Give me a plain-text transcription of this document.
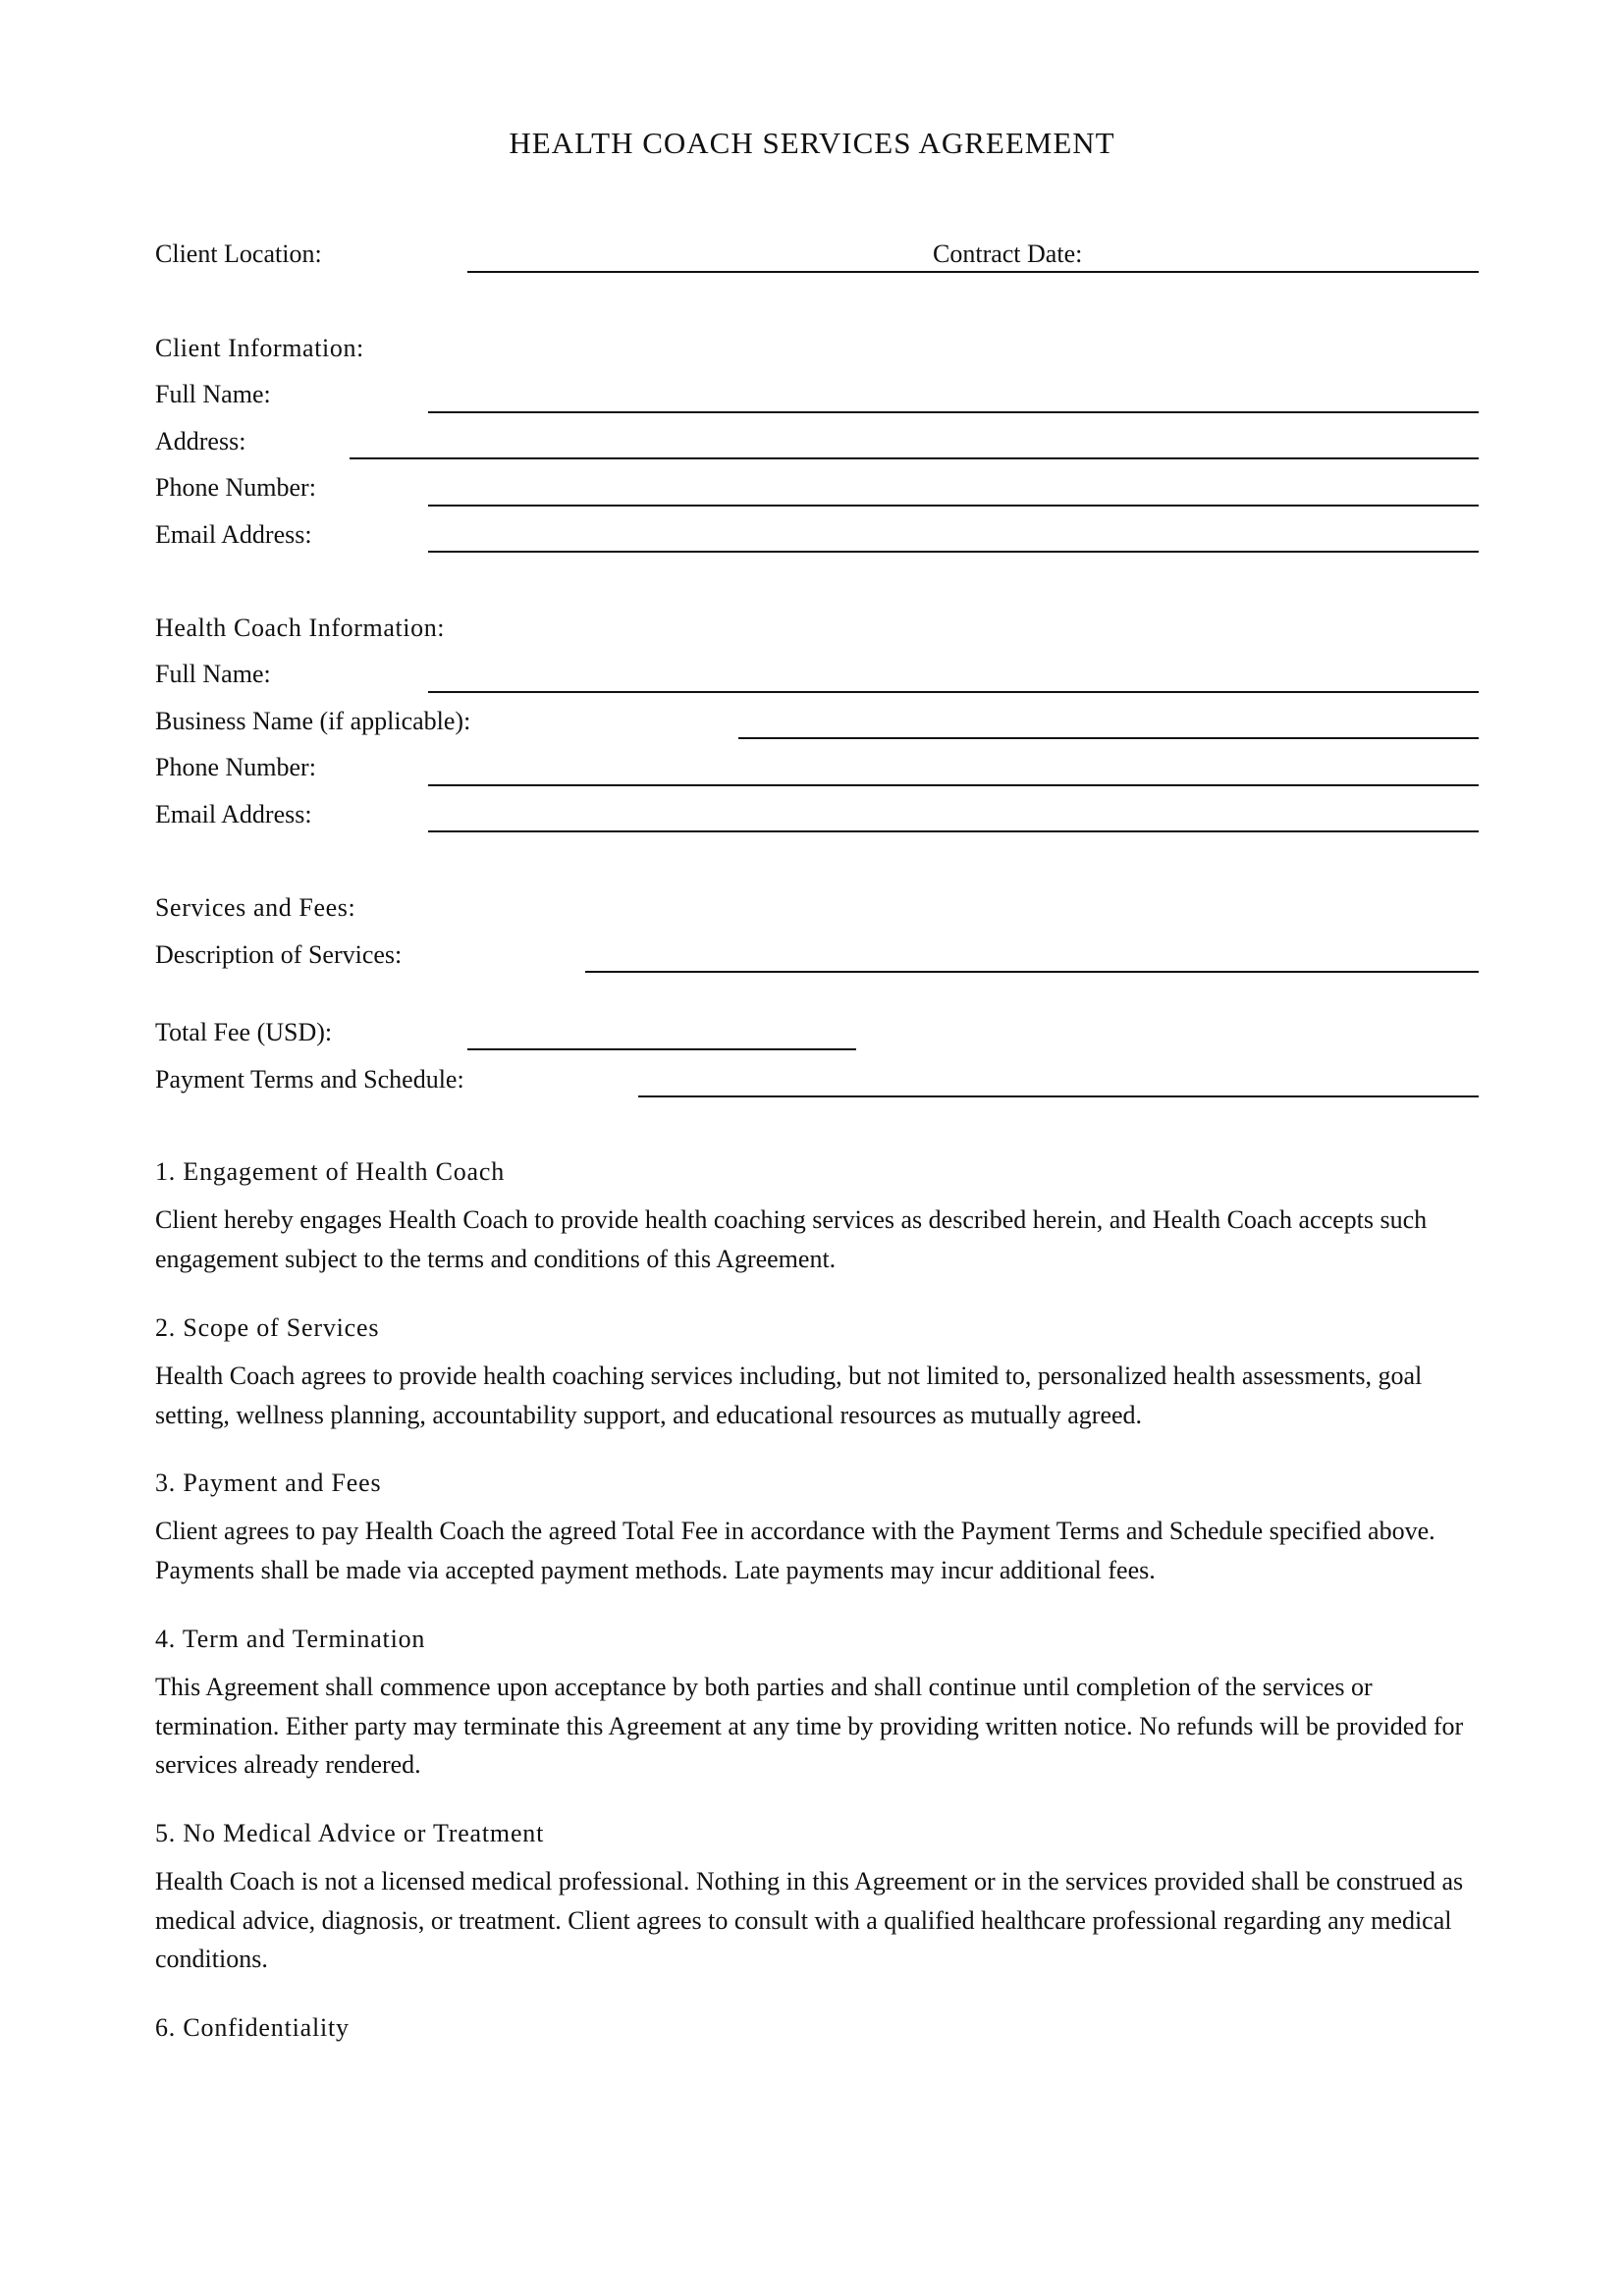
HEALTH COACH SERVICES AGREEMENT
Client Location:	Contract Date:
Client Information:
Full Name:
Address:
Phone Number:
Email Address:
Health Coach Information:
Full Name:
Business Name (if applicable):
Phone Number:
Email Address:
Services and Fees:
Description of Services:
Total Fee (USD):
Payment Terms and Schedule:
1. Engagement of Health Coach
Client hereby engages Health Coach to provide health coaching services as described herein, and Health Coach accepts such engagement subject to the terms and conditions of this Agreement.
2. Scope of Services
Health Coach agrees to provide health coaching services including, but not limited to, personalized health assessments, goal setting, wellness planning, accountability support, and educational resources as mutually agreed.
3. Payment and Fees
Client agrees to pay Health Coach the agreed Total Fee in accordance with the Payment Terms and Schedule specified above. Payments shall be made via accepted payment methods. Late payments may incur additional fees.
4. Term and Termination
This Agreement shall commence upon acceptance by both parties and shall continue until completion of the services or termination. Either party may terminate this Agreement at any time by providing written notice. No refunds will be provided for services already rendered.
5. No Medical Advice or Treatment
Health Coach is not a licensed medical professional. Nothing in this Agreement or in the services provided shall be construed as medical advice, diagnosis, or treatment. Client agrees to consult with a qualified healthcare professional regarding any medical conditions.
6. Confidentiality
